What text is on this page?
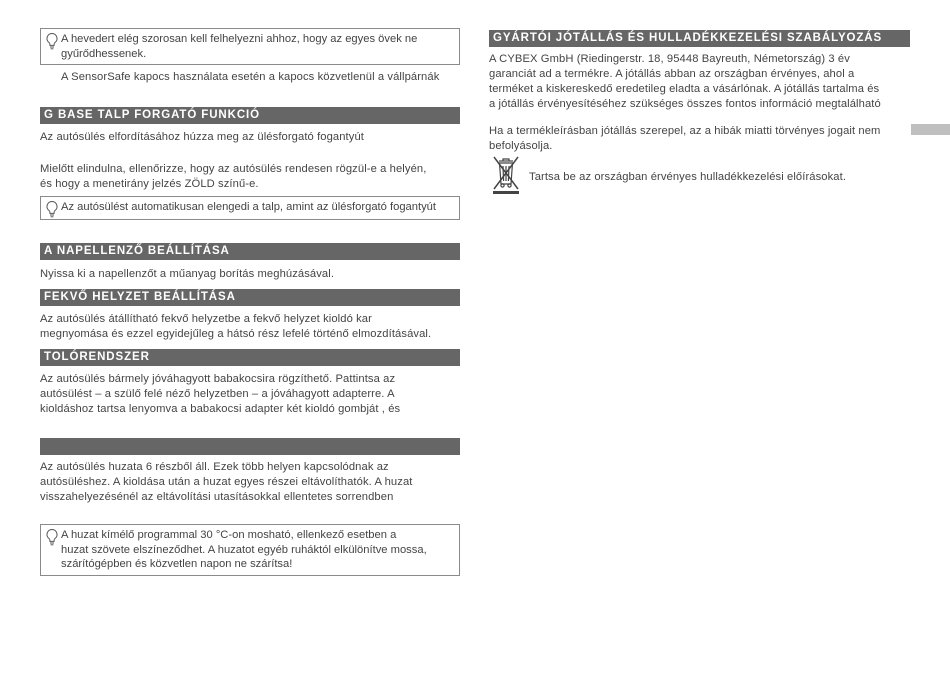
A hevedert elég szorosan kell felhelyezni ahhoz, hogy az egyes övek ne
gyűrődhessenek.
A SensorSafe kapocs használata esetén a kapocs közvetlenül a vállpárnák
G BASE TALP FORGATÓ FUNKCIÓ
Az autósülés elfordításához húzza meg az ülésforgató fogantyút
Mielőtt elindulna, ellenőrizze, hogy az autósülés rendesen rögzül-e a helyén,
és hogy a menetirány jelzés ZÖLD színű-e.
Az autósülést automatikusan elengedi a talp, amint az ülésforgató fogantyút
A NAPELLENZŐ BEÁLLÍTÁSA
Nyissa ki a napellenzőt a műanyag borítás meghúzásával.
FEKVŐ HELYZET BEÁLLÍTÁSA
Az autósülés átállítható fekvő helyzetbe a fekvő helyzet kioldó kar
megnyomása és ezzel egyidejűleg a hátsó rész lefelé történő elmozdításával.
TOLÓRENDSZER
Az autósülés bármely jóváhagyott babakocsira rögzíthető. Pattintsa az
autósülést – a szülő felé néző helyzetben – a jóváhagyott adapterre. A
kioldáshoz tartsa lenyomva a babakocsi adapter két kioldó gombját , és
Az autósülés huzata 6 részből áll. Ezek több helyen kapcsolódnak az
autósüléshez. A kioldása után a huzat egyes részei eltávolíthatók. A huzat
visszahelyezésénél az eltávolítási utasításokkal ellentetes sorrendben
A huzat kímélő programmal 30 °C-on mosható, ellenkező esetben a
huzat szövete elszíneződhet. A huzatot egyéb ruháktól elkülönítve mossa,
szárítógépben és közvetlen napon ne szárítsa!
GYÁRTÓI JÓTÁLLÁS ÉS HULLADÉKKEZELÉSI SZABÁLYOZÁS
A CYBEX GmbH (Riedingerstr. 18, 95448 Bayreuth, Németország) 3 év
garanciát ad a termékre. A jótállás abban az országban érvényes, ahol a
terméket a kiskereskedő eredetileg eladta a vásárlónak. A jótállás tartalma és
a jótállás érvényesítéséhez szükséges összes fontos információ megtalálható
Ha a termékleírásban jótállás szerepel, az a hibák miatti törvényes jogait nem
befolyásolja.
Tartsa be az országban érvényes hulladékkezelési előírásokat.
